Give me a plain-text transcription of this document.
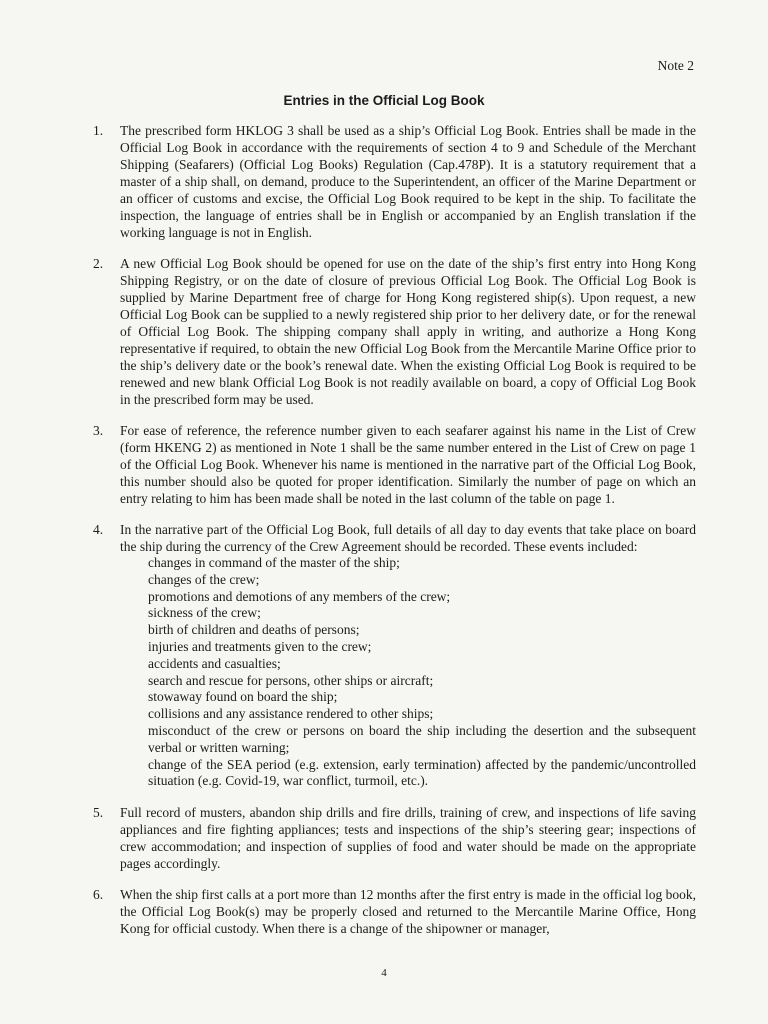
Note 2
Entries in the Official Log Book
1. The prescribed form HKLOG 3 shall be used as a ship’s Official Log Book. Entries shall be made in the Official Log Book in accordance with the requirements of section 4 to 9 and Schedule of the Merchant Shipping (Seafarers) (Official Log Books) Regulation (Cap.478P). It is a statutory requirement that a master of a ship shall, on demand, produce to the Superintendent, an officer of the Marine Department or an officer of customs and excise, the Official Log Book required to be kept in the ship. To facilitate the inspection, the language of entries shall be in English or accompanied by an English translation if the working language is not in English.
2. A new Official Log Book should be opened for use on the date of the ship’s first entry into Hong Kong Shipping Registry, or on the date of closure of previous Official Log Book. The Official Log Book is supplied by Marine Department free of charge for Hong Kong registered ship(s). Upon request, a new Official Log Book can be supplied to a newly registered ship prior to her delivery date, or for the renewal of Official Log Book. The shipping company shall apply in writing, and authorize a Hong Kong representative if required, to obtain the new Official Log Book from the Mercantile Marine Office prior to the ship’s delivery date or the book’s renewal date. When the existing Official Log Book is required to be renewed and new blank Official Log Book is not readily available on board, a copy of Official Log Book in the prescribed form may be used.
3. For ease of reference, the reference number given to each seafarer against his name in the List of Crew (form HKENG 2) as mentioned in Note 1 shall be the same number entered in the List of Crew on page 1 of the Official Log Book. Whenever his name is mentioned in the narrative part of the Official Log Book, this number should also be quoted for proper identification. Similarly the number of page on which an entry relating to him has been made shall be noted in the last column of the table on page 1.
4. In the narrative part of the Official Log Book, full details of all day to day events that take place on board the ship during the currency of the Crew Agreement should be recorded. These events included:
changes in command of the master of the ship;
changes of the crew;
promotions and demotions of any members of the crew;
sickness of the crew;
birth of children and deaths of persons;
injuries and treatments given to the crew;
accidents and casualties;
search and rescue for persons, other ships or aircraft;
stowaway found on board the ship;
collisions and any assistance rendered to other ships;
misconduct of the crew or persons on board the ship including the desertion and the subsequent verbal or written warning;
change of the SEA period (e.g. extension, early termination) affected by the pandemic/uncontrolled situation (e.g. Covid-19, war conflict, turmoil, etc.).
5. Full record of musters, abandon ship drills and fire drills, training of crew, and inspections of life saving appliances and fire fighting appliances; tests and inspections of the ship’s steering gear; inspections of crew accommodation; and inspection of supplies of food and water should be made on the appropriate pages accordingly.
6. When the ship first calls at a port more than 12 months after the first entry is made in the official log book, the Official Log Book(s) may be properly closed and returned to the Mercantile Marine Office, Hong Kong for official custody. When there is a change of the shipowner or manager,
4
